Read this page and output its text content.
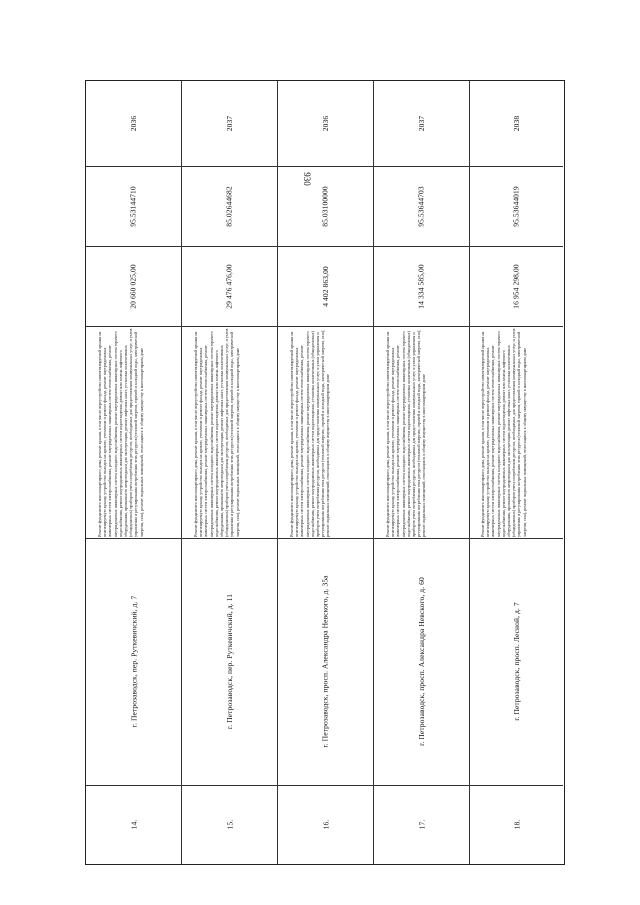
930
14.
г. Петрозаводск, пер. Руткевичский, д. 7
Ремонт фундамента многоквартирного дома, ремонт крыши, в том числе переустройство невентилируемой крыши на вентилируемую крышу, устройство выходов на кровлю, утепление и ремонт фасада, ремонт внутридомовых инженерных систем электроснабжения, ремонт внутридомовых инженерных систем теплоснабжения, ремонт внутридомовых инженерных систем холодного водоснабжения, ремонт внутридомовых инженерных систем горячего водоснабжения, ремонт внутридомовых инженерных систем водоотведения, ремонт или замена лифтового оборудования, признанного непригодным для эксплуатации, ремонт лифтовых шахт, установка коллективных (общедомовых) приборов учета потребления ресурсов, необходимых для предоставления коммунальных услуг, и узлов управления и регулирования потребления этих ресурсов (тепловой энергии, горячей и холодной воды, электрической энергии, газа), ремонт подвальных помещений, относящихся к общему имуществу в многоквартирном доме
20 660 025,00
95.53144710
2036
15.
г. Петрозаводск, пер. Руткевичский, д. 11
Ремонт фундамента многоквартирного дома, ремонт крыши, в том числе переустройство невентилируемой крыши на вентилируемую крышу, устройство выходов на кровлю, утепление и ремонт фасада, ремонт внутридомовых инженерных систем электроснабжения, ремонт внутридомовых инженерных систем теплоснабжения, ремонт внутридомовых инженерных систем холодного водоснабжения, ремонт внутридомовых инженерных систем горячего водоснабжения, ремонт внутридомовых инженерных систем водоотведения, ремонт или замена лифтового оборудования, признанного непригодным для эксплуатации, ремонт лифтовых шахт, установка коллективных (общедомовых) приборов учета потребления ресурсов, необходимых для предоставления коммунальных услуг, и узлов управления и регулирования потребления этих ресурсов (тепловой энергии, горячей и холодной воды, электрической энергии, газа), ремонт подвальных помещений, относящихся к общему имуществу в многоквартирном доме
29 476 476,00
85.02644682
2037
16.
г. Петрозаводск, просп. Александра Невского, д. 35а
Ремонт фундамента многоквартирного дома, ремонт крыши, в том числе переустройство невентилируемой крыши на вентилируемую крышу, устройство выходов на кровлю, утепление и ремонт фасада, ремонт внутридомовых инженерных систем электроснабжения, ремонт внутридомовых инженерных систем теплоснабжения, ремонт внутридомовых инженерных систем холодного водоснабжения, ремонт внутридомовых инженерных систем горячего водоснабжения, ремонт внутридомовых инженерных систем водоотведения, установка коллективных (общедомовых) приборов учета потребления ресурсов, необходимых для предоставления коммунальных услуг, и узлов управления и регулирования потребления этих ресурсов (тепловой энергии, горячей и холодной воды, электрической энергии, газа), ремонт подвальных помещений, относящихся к общему имуществу в многоквартирном доме
4 402 863,00
85.03100000
2036
17.
г. Петрозаводск, просп. Александра Невского, д. 60
Ремонт фундамента многоквартирного дома, ремонт крыши, в том числе переустройство невентилируемой крыши на вентилируемую крышу, устройство выходов на кровлю, утепление и ремонт фасада, ремонт внутридомовых инженерных систем электроснабжения, ремонт внутридомовых инженерных систем теплоснабжения, ремонт внутридомовых инженерных систем холодного водоснабжения, ремонт внутридомовых инженерных систем горячего водоснабжения, ремонт внутридомовых инженерных систем водоотведения, установка коллективных (общедомовых) приборов учета потребления ресурсов, необходимых для предоставления коммунальных услуг, и узлов управления и регулирования потребления этих ресурсов (тепловой энергии, горячей и холодной воды, электрической энергии, газа), ремонт подвальных помещений, относящихся к общему имуществу в многоквартирном доме
14 334 585,00
95.53644703
2037
18.
г. Петрозаводск, просп. Лесной, д. 7
Ремонт фундамента многоквартирного дома, ремонт крыши, в том числе переустройство невентилируемой крыши на вентилируемую крышу, устройство выходов на кровлю, утепление и ремонт фасада, ремонт внутридомовых инженерных систем электроснабжения, ремонт внутридомовых инженерных систем теплоснабжения, ремонт внутридомовых инженерных систем холодного водоснабжения, ремонт внутридомовых инженерных систем горячего водоснабжения, ремонт внутридомовых инженерных систем водоотведения, ремонт или замена лифтового оборудования, признанного непригодным для эксплуатации, ремонт лифтовых шахт, установка коллективных (общедомовых) приборов учета потребления ресурсов, необходимых для предоставления коммунальных услуг, и узлов управления и регулирования потребления этих ресурсов (тепловой энергии, горячей и холодной воды, электрической энергии, газа), ремонт подвальных помещений, относящихся к общему имуществу в многоквартирном доме
16 954 298,00
95.53644019
2038
